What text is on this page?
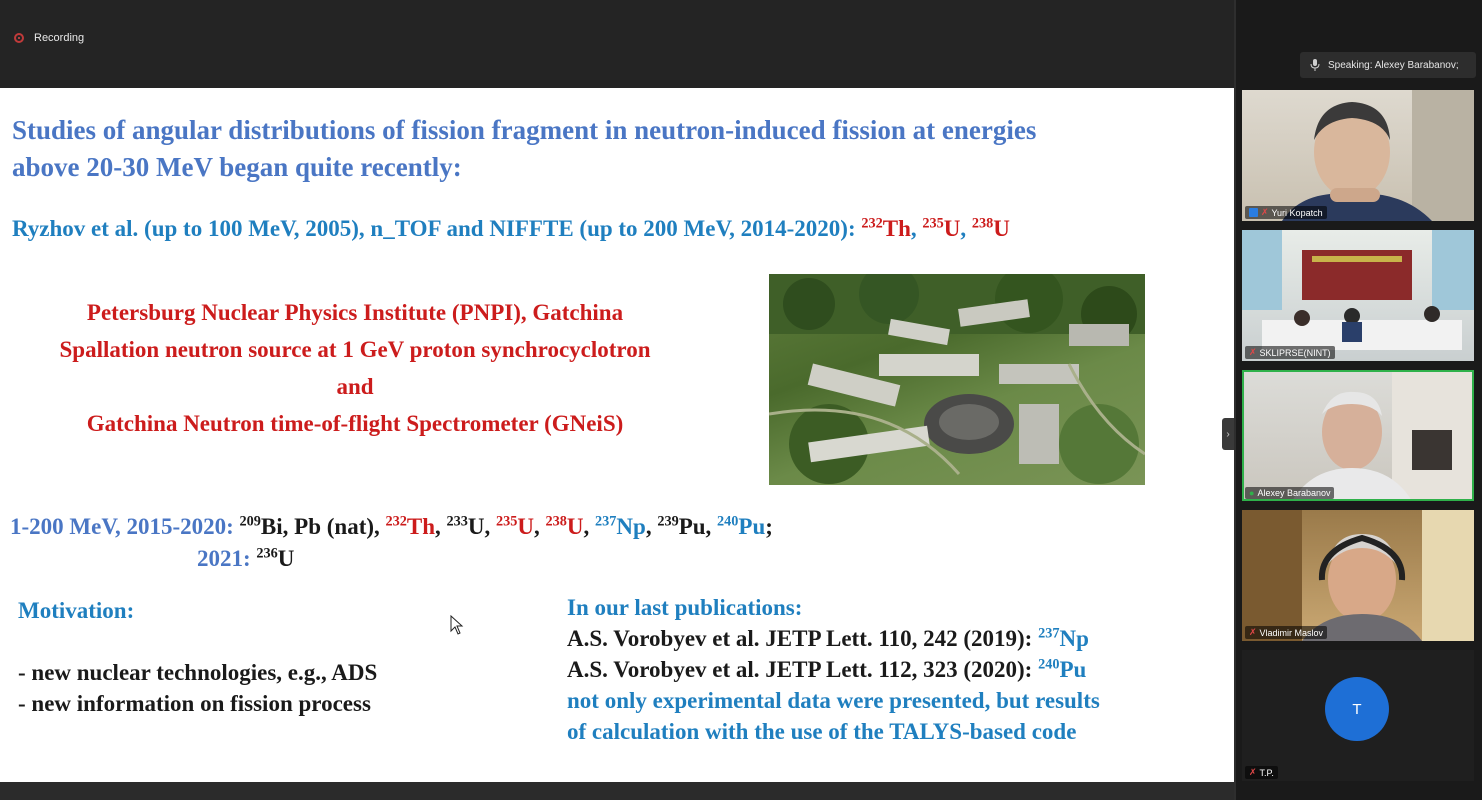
Recording
Studies of angular distributions of fission fragment in neutron-induced fission at energies
above 20-30 MeV began quite recently:
Ryzhov et al. (up to 100 MeV, 2005), n_TOF and NIFFTE (up to 200 MeV, 2014-2020): $^{232}$Th, $^{235}$U, $^{238}$U
Petersburg Nuclear Physics Institute (PNPI), Gatchina
Spallation neutron source at 1 GeV proton synchrocyclotron
and
Gatchina Neutron time-of-flight Spectrometer (GNeiS)
1-200 MeV, 2015-2020: $^{209}$Bi, Pb (nat), $^{232}$Th, $^{233}$U, $^{235}$U, $^{238}$U, $^{237}$Np, $^{239}$Pu, $^{240}$Pu;
2021: $^{236}$U
Motivation:
- new nuclear technologies, e.g., ADS
- new information on fission process
In our last publications:
A.S. Vorobyev et al. JETP Lett. 110, 242 (2019): $^{237}$Np
A.S. Vorobyev et al. JETP Lett. 112, 323 (2020): $^{240}$Pu
not only experimental data were presented, but results
of calculation with the use of the TALYS-based code
›
Speaking: Alexey Barabanov;
✗ Yuri Kopatch
✗ SKLIPRSE(NINT)
● Alexey Barabanov
✗ Vladimir Maslov
✗ T.P.
T
